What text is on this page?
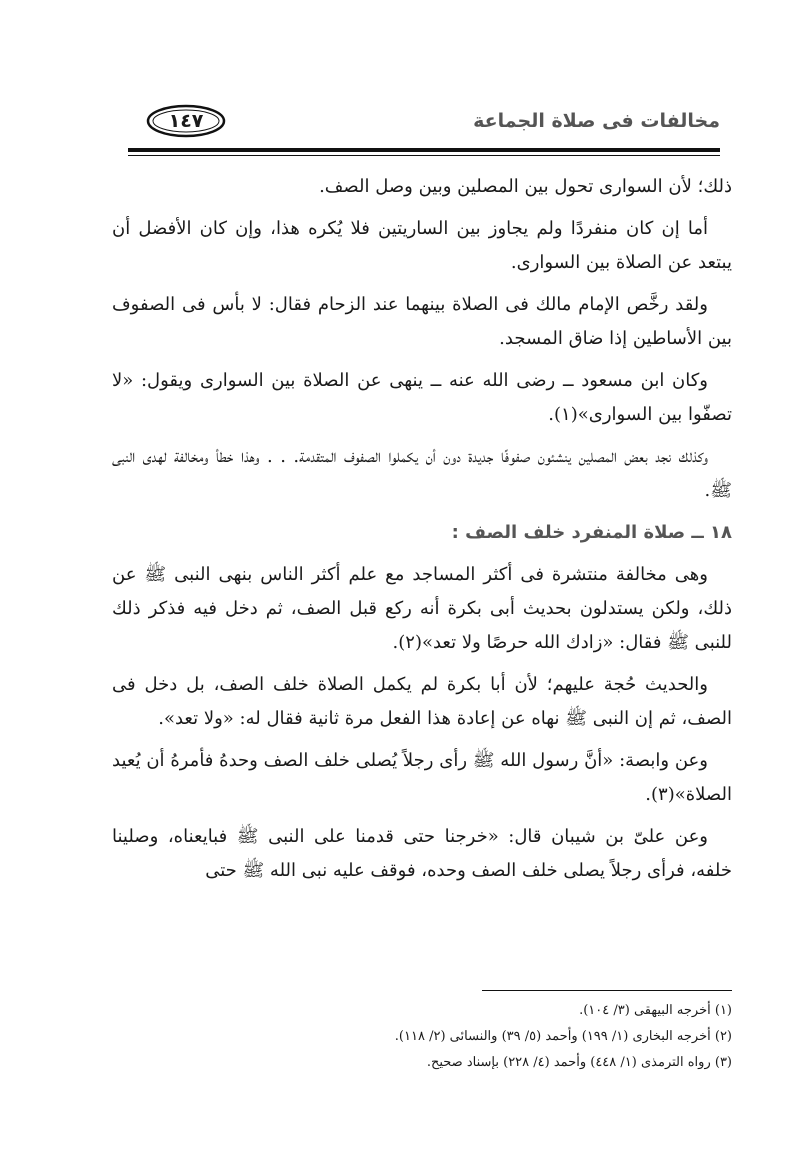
١٤٧	مخالفات فى صلاة الجماعة

ذلك؛ لأن السوارى تحول بين المصلين وبين وصل الصف.

أما إن كان منفردًا ولم يجاوز بين الساريتين فلا يُكره هذا، وإن كان الأفضل أن يبتعد عن الصلاة بين السوارى.

ولقد رخَّص الإمام مالك فى الصلاة بينهما عند الزحام فقال: لا بأس فى الصفوف بين الأساطين إذا ضاق المسجد.

وكان ابن مسعود ــ رضى الله عنه ــ ينهى عن الصلاة بين السوارى ويقول: «لا تصفّوا بين السوارى»(١).

وكذلك نجد بعض المصلين ينشئون صفوفًا جديدة دون أن يكملوا الصفوف المتقدمة. . . وهذا خطأ ومخالفة لهدى النبى ﷺ.

١٨ ــ صلاة المنفرد خلف الصف :

وهى مخالفة منتشرة فى أكثر المساجد مع علم أكثر الناس بنهى النبى ﷺ عن ذلك، ولكن يستدلون بحديث أبى بكرة أنه ركع قبل الصف، ثم دخل فيه فذكر ذلك للنبى ﷺ فقال: «زادك الله حرصًا ولا تعد»(٢).

والحديث حُجة عليهم؛ لأن أبا بكرة لم يكمل الصلاة خلف الصف، بل دخل فى الصف، ثم إن النبى ﷺ نهاه عن إعادة هذا الفعل مرة ثانية فقال له: «ولا تعد».

وعن وابصة: «أنَّ رسول الله ﷺ رأى رجلاً يُصلى خلف الصف وحدهُ فأمرهُ أن يُعيد الصلاة»(٣).

وعن علىّ بن شيبان قال: «خرجنا حتى قدمنا على النبى ﷺ فبايعناه، وصلينا خلفه، فرأى رجلاً يصلى خلف الصف وحده، فوقف عليه نبى الله ﷺ حتى

(١) أخرجه البيهقى (٣/ ١٠٤).
(٢) أخرجه البخارى (١/ ١٩٩) وأحمد (٥/ ٣٩) والنسائى (٢/ ١١٨).
(٣) رواه الترمذى (١/ ٤٤٨) وأحمد (٤/ ٢٢٨) بإسناد صحيح.
